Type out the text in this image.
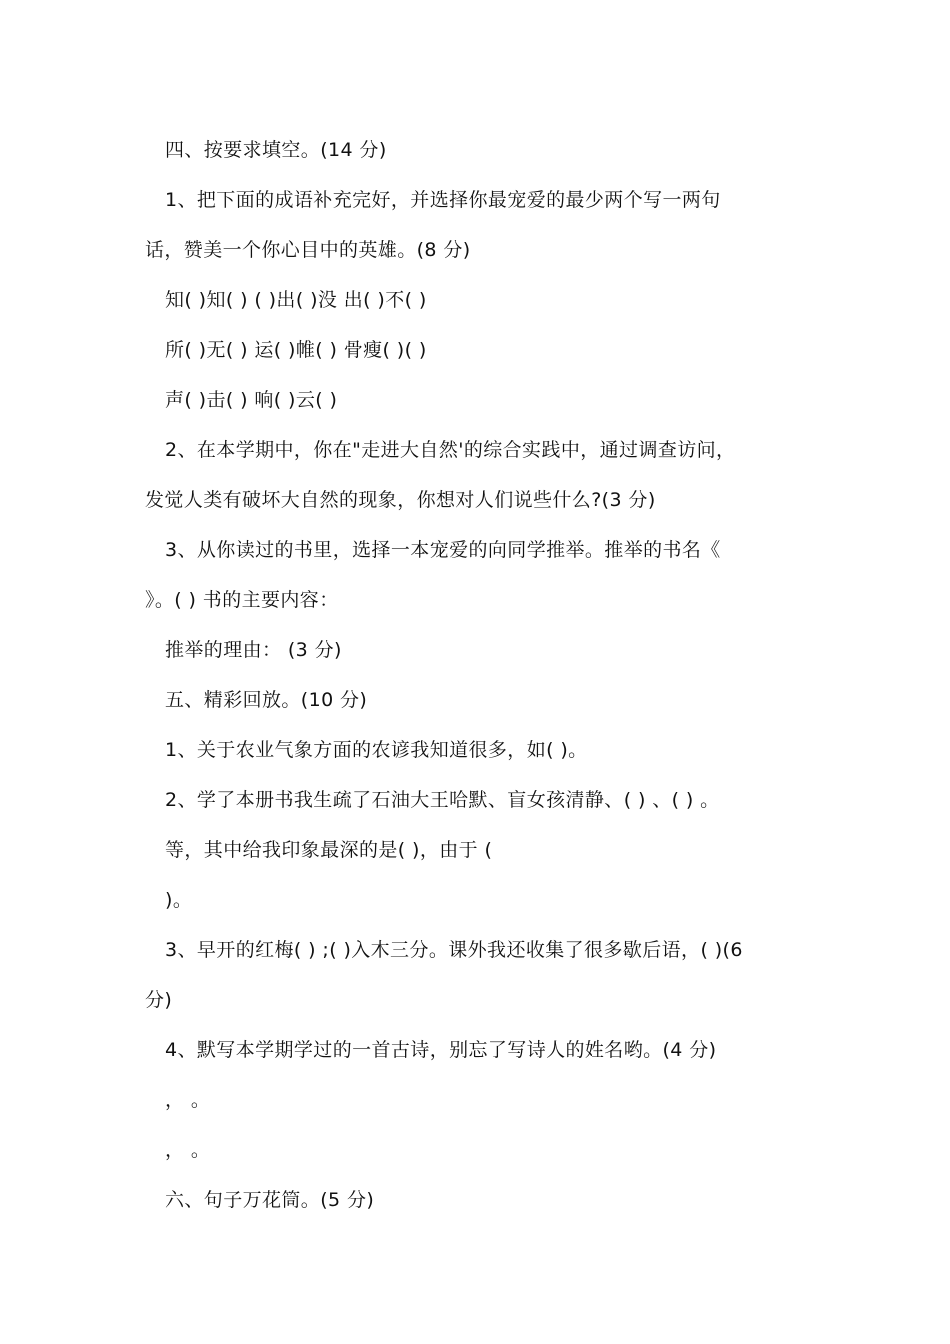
四、按要求填空。(14 分)
1、把下面的成语补充完好，并选择你最宠爱的最少两个写一两句
话，赞美一个你心目中的英雄。(8 分)
知( )知( ) ( )出( )没 出( )不( )
所( )无( ) 运( )帷( ) 骨瘦( )( )
声( )击( ) 响( )云( )
2、在本学期中，你在"走进大自然'的综合实践中，通过调查访问，
发觉人类有破坏大自然的现象，你想对人们说些什么?(3 分)
3、从你读过的书里，选择一本宠爱的向同学推举。推举的书名《
》。( ) 书的主要内容：
推举的理由： (3 分)
五、精彩回放。(10 分)
1、关于农业气象方面的农谚我知道很多，如( )。
2、学了本册书我生疏了石油大王哈默、盲女孩清静、( ) 、( ) 。
等，其中给我印象最深的是( )，由于 (
)。
3、早开的红梅( ) ;( )入木三分。课外我还收集了很多歇后语，( )(6
分)
4、默写本学期学过的一首古诗，别忘了写诗人的姓名哟。(4 分)
， 。
， 。
六、句子万花筒。(5 分)
